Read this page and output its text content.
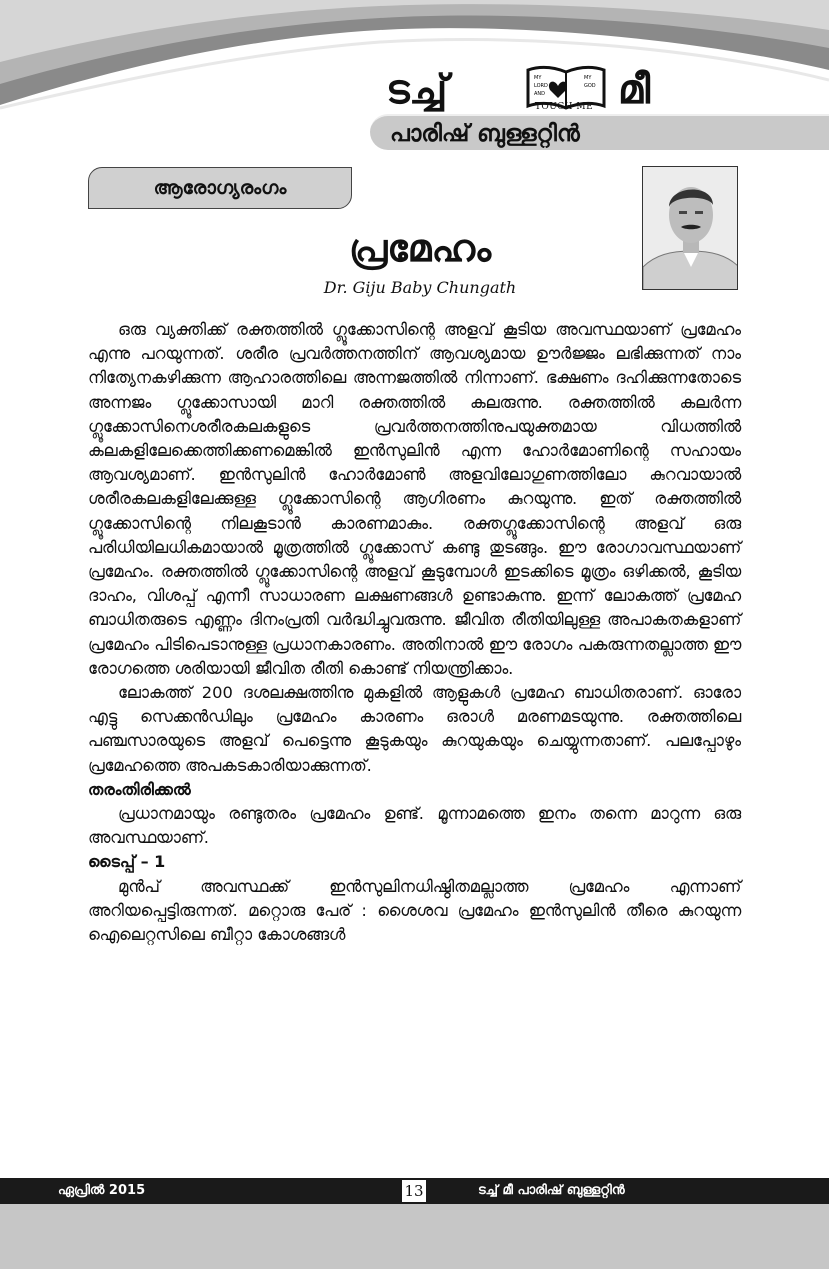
ടച്ച്	MY
LORD
AND
MY
GOD മീ
TOUCH ME
പാരിഷ് ബുള്ളറ്റിൻ
ആരോഗ്യരംഗം
പ്രമേഹം
Dr. Giju Baby Chungath

ഒരു വ്യക്തിക്ക് രക്തത്തിൽ ഗ്ലൂക്കോസിന്റെ അളവ് കൂടിയ അവസ്ഥയാണ് പ്രമേഹം എന്നു പറയുന്നത്. ശരീര പ്രവർത്തനത്തിന് ആവശ്യമായ ഊർജ്ജം ലഭിക്കുന്നത് നാം നിത്യേനകഴിക്കുന്ന ആഹാരത്തിലെ അന്നജത്തിൽ നിന്നാണ്. ഭക്ഷണം ദഹിക്കുന്നതോടെ അന്നജം ഗ്ലൂക്കോസായി മാറി രക്തത്തിൽ കലരുന്നു. രക്തത്തിൽ കലർന്ന ഗ്ലൂക്കോസിനെശരീരകലകളുടെ പ്രവർത്തനത്തിനുപയുക്തമായ വിധത്തിൽ കലകളിലേക്കെത്തിക്കണമെങ്കിൽ ഇൻസുലിൻ എന്ന ഹോർമോണിന്റെ സഹായം ആവശ്യമാണ്. ഇൻസുലിൻ ഹോർമോൺ അളവിലോഗുണത്തിലോ കുറവായാൽ ശരീരകലകളിലേക്കുള്ള ഗ്ലൂക്കോസിന്റെ ആഗിരണം കുറയുന്നു. ഇത് രക്തത്തിൽ ഗ്ലൂക്കോസിന്റെ നിലകൂടാൻ കാരണമാകും. രക്തഗ്ലൂക്കോസിന്റെ അളവ് ഒരു പരിധിയിലധികമായാൽ മൂത്രത്തിൽ ഗ്ലൂക്കോസ് കണ്ടു തുടങ്ങും. ഈ രോഗാവസ്ഥയാണ് പ്രമേഹം. രക്തത്തിൽ ഗ്ലൂക്കോസിന്റെ അളവ് കൂടുമ്പോൾ ഇടക്കിടെ മൂത്രം ഒഴിക്കൽ, കൂടിയ ദാഹം, വിശപ്പ് എന്നീ സാധാരണ ലക്ഷണങ്ങൾ ഉണ്ടാകുന്നു. ഇന്ന് ലോകത്ത് പ്രമേഹ ബാധിതരുടെ എണ്ണം ദിനംപ്രതി വർദ്ധിച്ചുവരുന്നു. ജീവിത രീതിയിലുള്ള അപാകതകളാണ് പ്രമേഹം പിടിപെടാനുള്ള പ്രധാനകാരണം. അതിനാൽ ഈ രോഗം പകരുന്നതല്ലാത്ത ഈ രോഗത്തെ ശരിയായി ജീവിത രീതി കൊണ്ട് നിയന്ത്രിക്കാം.

ലോകത്ത് 200 ദശലക്ഷത്തിനു മുകളിൽ ആളുകൾ പ്രമേഹ ബാധിതരാണ്. ഓരോ എട്ടു സെക്കൻഡിലും പ്രമേഹം കാരണം ഒരാൾ മരണമടയുന്നു. രക്തത്തിലെ പഞ്ചസാരയുടെ അളവ് പെട്ടെന്നു കൂടുകയും കുറയുകയും ചെയ്യുന്നതാണ്. പലപ്പോഴും പ്രമേഹത്തെ അപകടകാരിയാക്കുന്നത്.

തരംതിരിക്കൽ

പ്രധാനമായും രണ്ടുതരം പ്രമേഹം ഉണ്ട്. മൂന്നാമത്തെ ഇനം തന്നെ മാറുന്ന ഒരു അവസ്ഥയാണ്.

ടൈപ്പ് – 1

മുൻപ് അവസ്ഥക്ക് ഇൻസുലിനധിഷ്ഠിതമല്ലാത്ത പ്രമേഹം എന്നാണ് അറിയപ്പെട്ടിരുന്നത്. മറ്റൊരു പേര് : ശൈശവ പ്രമേഹം ഇൻസുലിൻ തീരെ കുറയുന്ന ഐലെറ്റസിലെ ബീറ്റാ കോശങ്ങൾ

ഏപ്രിൽ 2015	13	ടച്ച് മീ പാരിഷ് ബുള്ളറ്റിൻ
